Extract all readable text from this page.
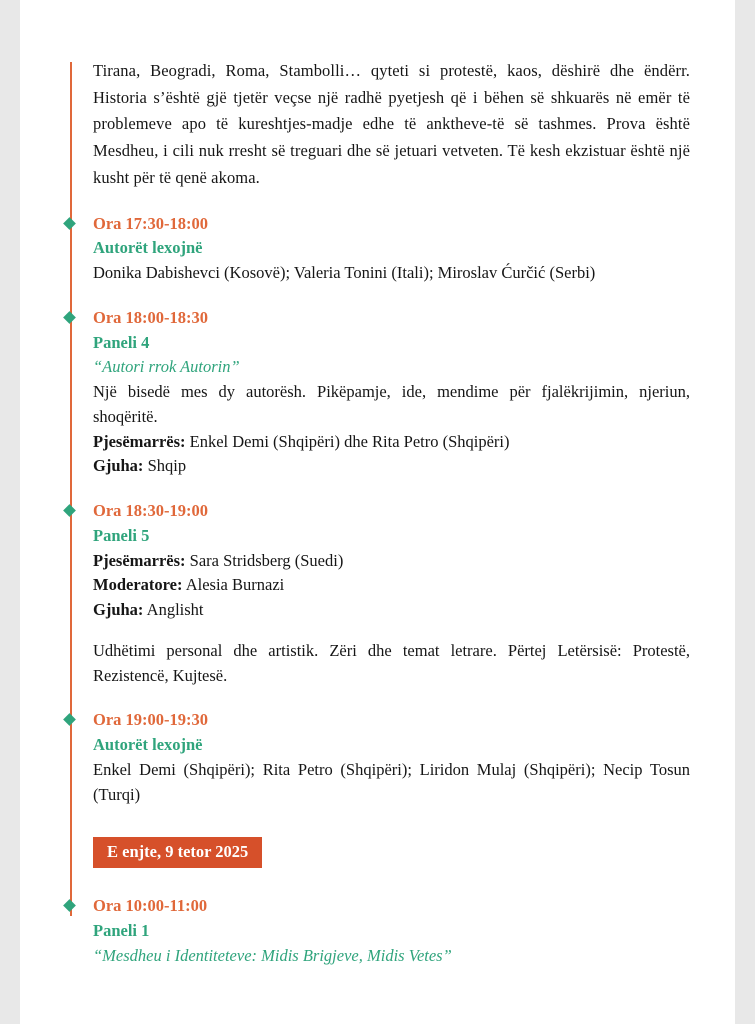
Tirana, Beogradi, Roma, Stambolli… qyteti si protestë, kaos, dëshirë dhe ëndërr. Historia s’është gjë tjetër veçse një radhë pyetjesh që i bëhen së shkuarës në emër të problemeve apo të kureshtjes-madje edhe të anktheve-të së tashmes. Prova është Mesdheu, i cili nuk rresht së treguari dhe së jetuari vetveten. Të kesh ekzistuar është një kusht për të qenë akoma.

Ora 17:30-18:00
Autorët lexojnë
Donika Dabishevci (Kosovë); Valeria Tonini (Itali); Miroslav Ćurčić (Serbi)
Ora 18:00-18:30
Paneli 4
“Autori rrok Autorin”
Një bisedë mes dy autorësh. Pikëpamje, ide, mendime për fjalëkrijimin, njeriun, shoqëritë.
Pjesëmarrës: Enkel Demi (Shqipëri) dhe Rita Petro (Shqipëri)
Gjuha: Shqip
Ora 18:30-19:00
Paneli 5
Pjesëmarrës: Sara Stridsberg (Suedi)
Moderatore: Alesia Burnazi
Gjuha: Anglisht
Udhëtimi personal dhe artistik. Zëri dhe temat letrare. Përtej Letërsisë: Protestë, Rezistencë, Kujtesë.
Ora 19:00-19:30
Autorët lexojnë
Enkel Demi (Shqipëri); Rita Petro (Shqipëri); Liridon Mulaj (Shqipëri); Necip Tosun (Turqi)
E enjte, 9 tetor 2025
Ora 10:00-11:00
Paneli 1
“Mesdheu i Identiteteve: Midis Brigjeve, Midis Vetes”
